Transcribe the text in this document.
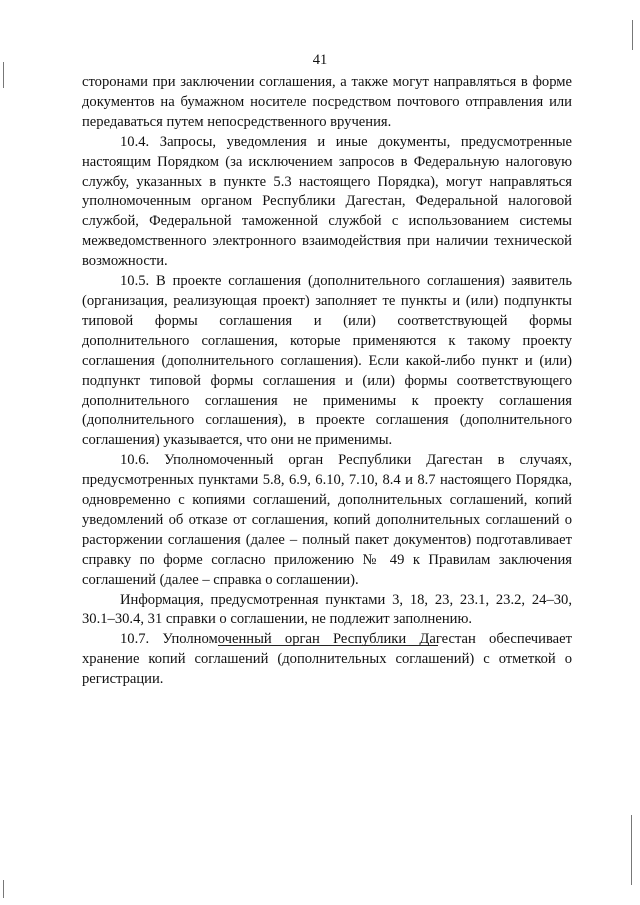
41

сторонами при заключении соглашения, а также могут направляться в форме документов на бумажном носителе посредством почтового отправления или передаваться путем непосредственного вручения.

10.4. Запросы, уведомления и иные документы, предусмотренные настоящим Порядком (за исключением запросов в Федеральную налоговую службу, указанных в пункте 5.3 настоящего Порядка), могут направляться уполномоченным органом Республики Дагестан, Федеральной налоговой службой, Федеральной таможенной службой с использованием системы межведомственного электронного взаимодействия при наличии технической возможности.

10.5. В проекте соглашения (дополнительного соглашения) заявитель (организация, реализующая проект) заполняет те пункты и (или) подпункты типовой формы соглашения и (или) соответствующей формы дополнительного соглашения, которые применяются к такому проекту соглашения (дополнительного соглашения). Если какой-либо пункт и (или) подпункт типовой формы соглашения и (или) формы соответствующего дополнительного соглашения не применимы к проекту соглашения (дополнительного соглашения), в проекте соглашения (дополнительного соглашения) указывается, что они не применимы.

10.6. Уполномоченный орган Республики Дагестан в случаях, предусмотренных пунктами 5.8, 6.9, 6.10, 7.10, 8.4 и 8.7 настоящего Порядка, одновременно с копиями соглашений, дополнительных соглашений, копий уведомлений об отказе от соглашения, копий дополнительных соглашений о расторжении соглашения (далее – полный пакет документов) подготавливает справку по форме согласно приложению № 49 к Правилам заключения соглашений (далее – справка о соглашении).

Информация, предусмотренная пунктами 3, 18, 23, 23.1, 23.2, 24–30, 30.1–30.4, 31 справки о соглашении, не подлежит заполнению.

10.7. Уполномоченный орган Республики Дагестан обеспечивает хранение копий соглашений (дополнительных соглашений) с отметкой о регистрации.
